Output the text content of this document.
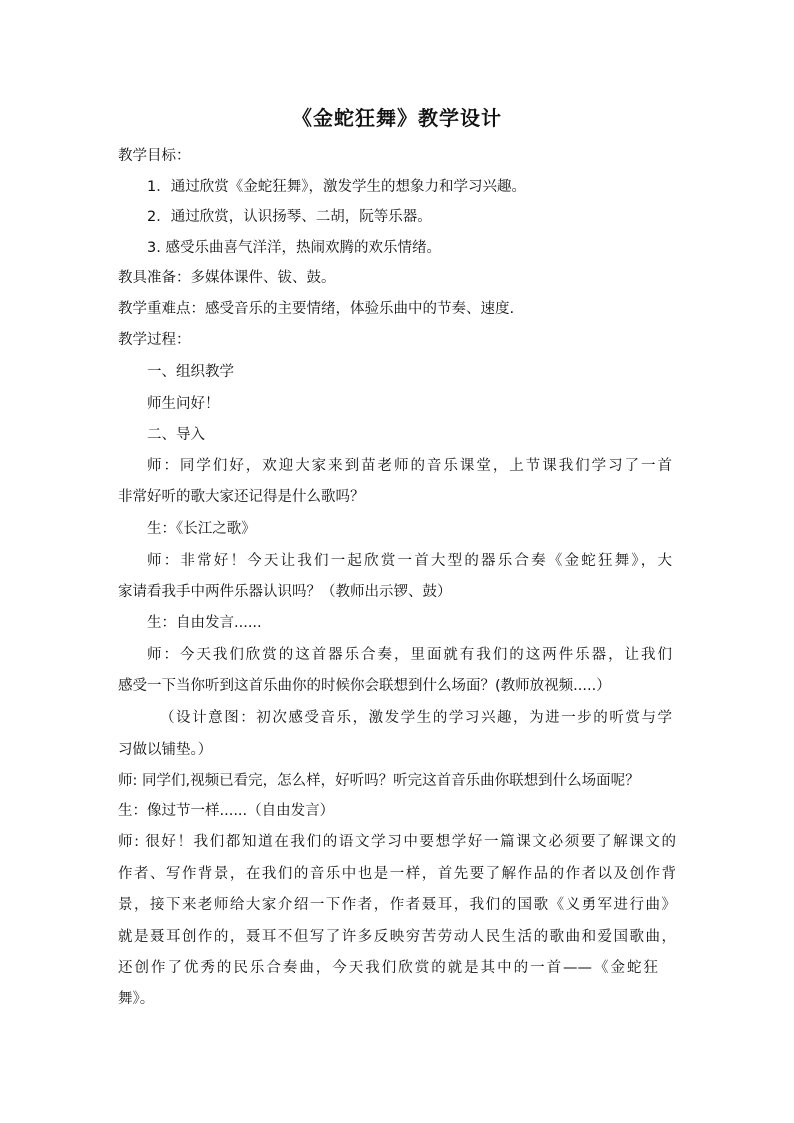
《金蛇狂舞》教学设计
教学目标：
1．通过欣赏《金蛇狂舞》，激发学生的想象力和学习兴趣。
2．通过欣赏，认识扬琴、二胡，阮等乐器。
3. 感受乐曲喜气洋洋，热闹欢腾的欢乐情绪。
教具准备：多媒体课件、钹、鼓。
教学重难点：感受音乐的主要情绪，体验乐曲中的节奏、速度.
教学过程：
一、组织教学
师生问好！
二、导入
师：同学们好，欢迎大家来到苗老师的音乐课堂，上节课我们学习了一首
非常好听的歌大家还记得是什么歌吗？
生：《长江之歌》
师：非常好！今天让我们一起欣赏一首大型的器乐合奏《金蛇狂舞》，大
家请看我手中两件乐器认识吗？（教师出示锣、鼓）
生：自由发言......
师：今天我们欣赏的这首器乐合奏，里面就有我们的这两件乐器，让我们
感受一下当你听到这首乐曲你的时候你会联想到什么场面？(教师放视频.....）
（设计意图：初次感受音乐，激发学生的学习兴趣，为进一步的听赏与学
习做以铺垫。）
师: 同学们,视频已看完，怎么样，好听吗？听完这首音乐曲你联想到什么场面呢？
生：像过节一样......（自由发言）
师: 很好！我们都知道在我们的语文学习中要想学好一篇课文必须要了解课文的
作者、写作背景，在我们的音乐中也是一样，首先要了解作品的作者以及创作背
景，接下来老师给大家介绍一下作者，作者聂耳，我们的国歌《义勇军进行曲》
就是聂耳创作的，聂耳不但写了许多反映穷苦劳动人民生活的歌曲和爱国歌曲，
还创作了优秀的民乐合奏曲，今天我们欣赏的就是其中的一首——《金蛇狂
舞》。
